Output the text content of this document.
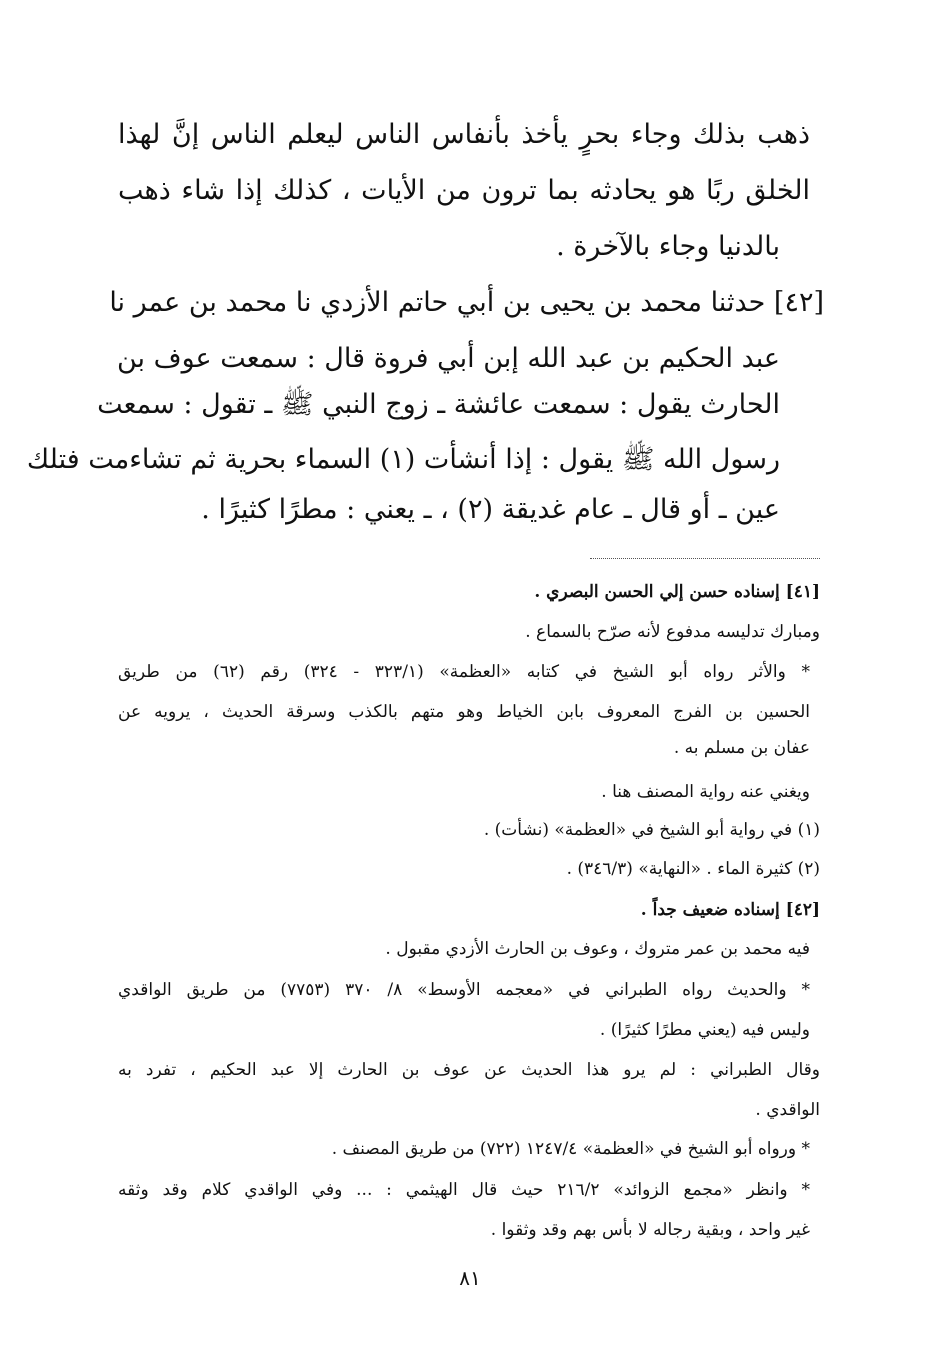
ذهب بذلك وجاء بحرٍ يأخذ بأنفاس الناس ليعلم الناس إنَّ لهذا
الخلق ربًا هو يحادثه بما ترون من الأيات ، كذلك إذا شاء ذهب
بالدنيا وجاء بالآخرة .
[٤٢] حدثنا محمد بن يحيى بن أبي حاتم الأزدي نا محمد بن عمر نا
عبد الحكيم بن عبد الله إبن أبي فروة قال : سمعت عوف بن
الحارث يقول : سمعت عائشة ـ زوج النبي ﷺ ـ تقول : سمعت
رسول الله ﷺ يقول : إذا أنشأت (١) السماء بحرية ثم تشاءمت فتلك
عين ـ أو قال ـ عام غديقة (٢) ، ـ يعني : مطرًا كثيرًا .
[٤١] إسناده حسن إلي الحسن البصري .
ومبارك تدليسه مدفوع لأنه صرّح بالسماع .
* والأثر رواه أبو الشيخ في كتابه «العظمة» (٣٢٣/١ - ٣٢٤) رقم (٦٢) من طريق
الحسين بن الفرج المعروف بابن الخياط وهو متهم بالكذب وسرقة الحديث ، يرويه عن
عفان بن مسلم به .
ويغني عنه رواية المصنف هنا .
(١) في رواية أبو الشيخ في «العظمة» (نشأت) .
(٢) كثيرة الماء . «النهاية» (٣٤٦/٣) .
[٤٢] إسناده ضعيف جداً .
فيه محمد بن عمر متروك ، وعوف بن الحارث الأزدي مقبول .
* والحديث رواه الطبراني في «معجمه الأوسط» ٨/ ٣٧٠ (٧٧٥٣) من طريق الواقدي
وليس فيه (يعني مطرًا كثيرًا) .
وقال الطبراني : لم يرو هذا الحديث عن عوف بن الحارث إلا عبد الحكيم ، تفرد به
الواقدي .
* ورواه أبو الشيخ في «العظمة» ١٢٤٧/٤ (٧٢٢) من طريق المصنف .
* وانظر «مجمع الزوائد» ٢١٦/٢ حيث قال الهيثمي : ... وفي الواقدي كلام وقد وثقه
غير واحد ، وبقية رجاله لا بأس بهم وقد وثقوا .
٨١
